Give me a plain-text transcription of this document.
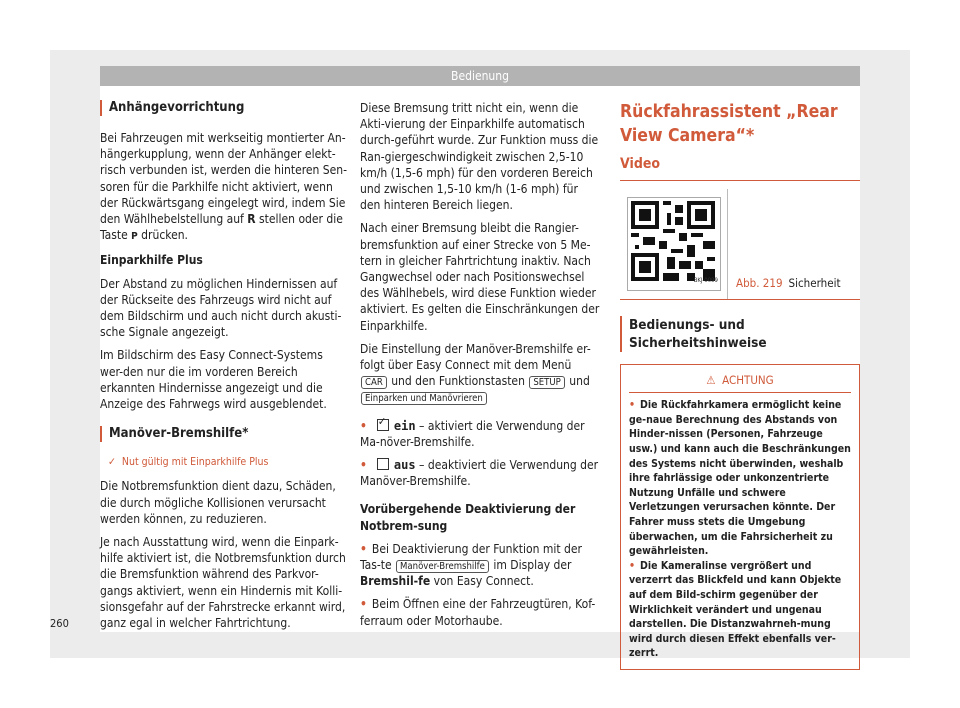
Bedienung
Anhängevorrichtung

Bei Fahrzeugen mit werkseitig montierter An-hängerkupplung, wenn der Anhänger elekt-risch verbunden ist, werden die hinteren Sen-soren für die Parkhilfe nicht aktiviert, wenn der Rückwärtsgang eingelegt wird, indem Sie den Wählhebelstellung auf R stellen oder die Taste P drücken.

Einparkhilfe Plus

Der Abstand zu möglichen Hindernissen auf der Rückseite des Fahrzeugs wird nicht auf dem Bildschirm und auch nicht durch akusti-sche Signale angezeigt.

Im Bildschirm des Easy Connect-Systems wer-den nur die im vorderen Bereich erkannten Hindernisse angezeigt und die Anzeige des Fahrwegs wird ausgeblendet.

Manöver-Bremshilfe*
✓ Nut gültig mit Einparkhilfe Plus

Die Notbremsfunktion dient dazu, Schäden, die durch mögliche Kollisionen verursacht werden können, zu reduzieren.

Je nach Ausstattung wird, wenn die Einpark-hilfe aktiviert ist, die Notbremsfunktion durch die Bremsfunktion während des Parkvor-gangs aktiviert, wenn ein Hindernis mit Kolli-sionsgefahr auf der Fahrstrecke erkannt wird, ganz egal in welcher Fahrtrichtung.

Diese Bremsung tritt nicht ein, wenn die Akti-vierung der Einparkhilfe automatisch durch-geführt wurde. Zur Funktion muss die Ran-giergeschwindigkeit zwischen 2,5-10 km/h (1,5-6 mph) für den vorderen Bereich und zwischen 1,5-10 km/h (1-6 mph) für den hinteren Bereich liegen.

Nach einer Bremsung bleibt die Rangier-bremsfunktion auf einer Strecke von 5 Me-tern in gleicher Fahrtrichtung inaktiv. Nach Gangwechsel oder nach Positionswechsel des Wählhebels, wird diese Funktion wieder aktiviert. Es gelten die Einschränkungen der Einparkhilfe.

Die Einstellung der Manöver-Bremshilfe er-folgt über Easy Connect mit dem Menü CAR und den Funktionstasten SETUP und Einparken und Manövrieren

• ✓ ein – aktiviert die Verwendung der Ma-növer-Bremshilfe.
• aus – deaktiviert die Verwendung der Manöver-Bremshilfe.

Vorübergehende Deaktivierung der Notbrem-sung

• Bei Deaktivierung der Funktion mit der Tas-te Manöver-Bremshilfe im Display der Bremshil-fe von Easy Connect.
• Beim Öffnen eine der Fahrzeugtüren, Kof-ferraum oder Motorhaube.
Rückfahrassistent „Rear View Camera“*
Video
BKJ-0099 Abb. 219 Sicherheit
Bedienungs- und Sicherheitshinweise
⚠ ACHTUNG

• Die Rückfahrkamera ermöglicht keine ge-naue Berechnung des Abstands von Hinder-nissen (Personen, Fahrzeuge usw.) und kann auch die Beschränkungen des Systems nicht überwinden, weshalb ihre fahrlässige oder unkonzentrierte Nutzung Unfälle und schwere Verletzungen verursachen könnte. Der Fahrer muss stets die Umgebung überwachen, um die Fahrsicherheit zu gewährleisten.

• Die Kameralinse vergrößert und verzerrt das Blickfeld und kann Objekte auf dem Bild-schirm gegenüber der Wirklichkeit verändert und ungenau darstellen. Die Distanzwahrneh-mung wird durch diesen Effekt ebenfalls ver-zerrt.

260
